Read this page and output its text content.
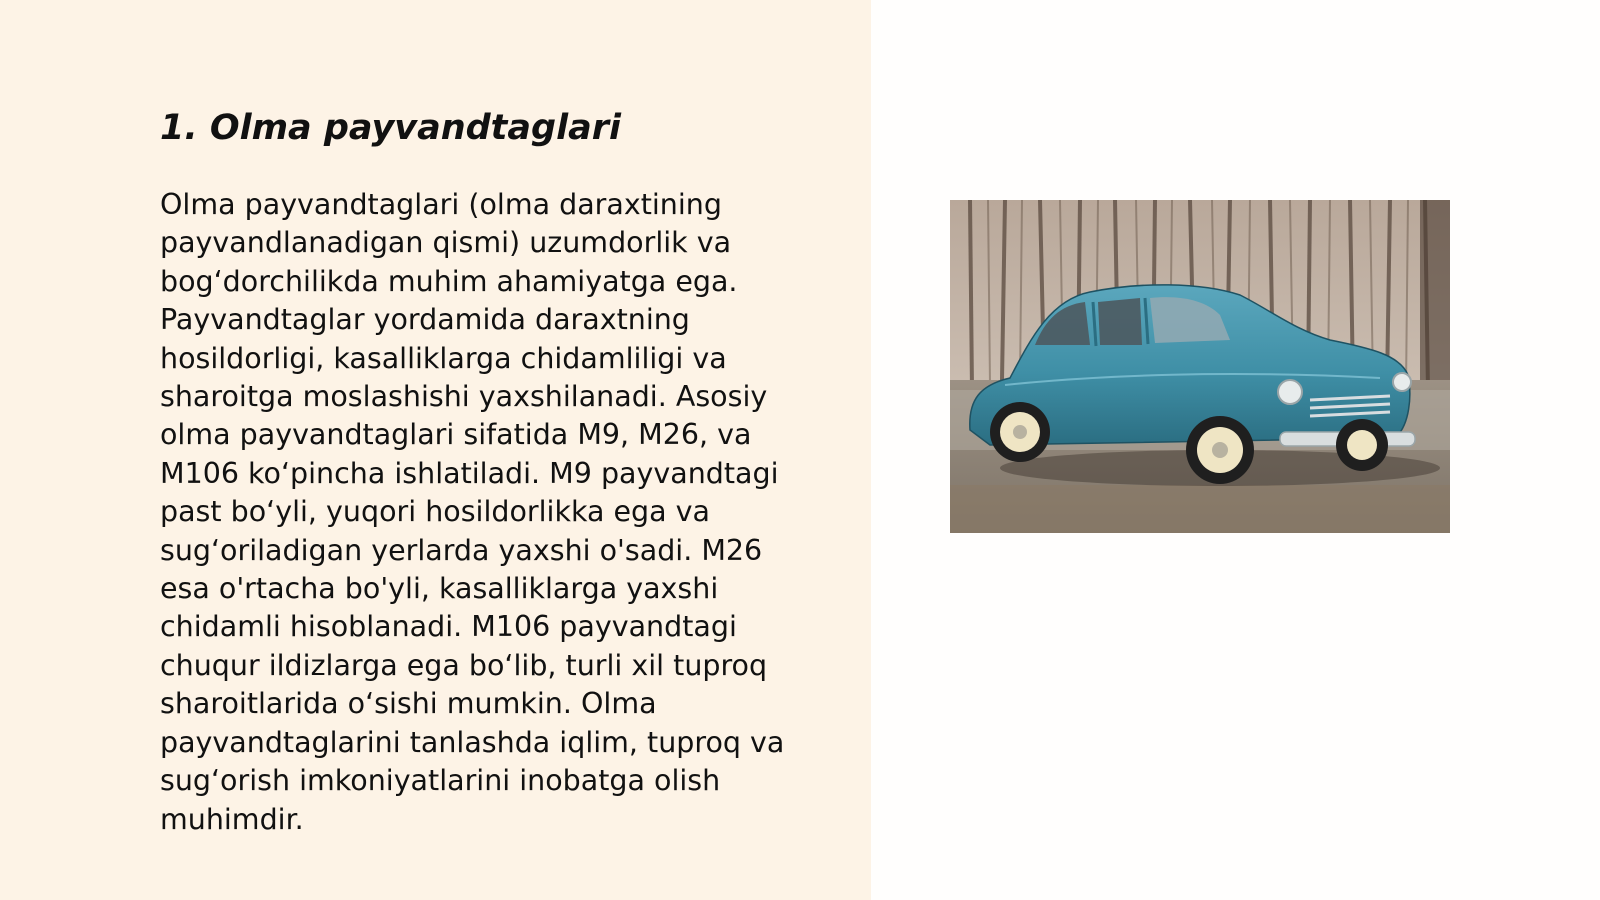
1. Olma payvandtaglari

Olma payvandtaglari (olma daraxtining payvandlanadigan qismi) uzumdorlik va bog‘dorchilikda muhim ahamiyatga ega. Payvandtaglar yordamida daraxtning hosildorligi, kasalliklarga chidamliligi va sharoitga moslashishi yaxshilanadi. Asosiy olma payvandtaglari sifatida M9, M26, va M106 ko‘pincha ishlatiladi. M9 payvandtagi past bo‘yli, yuqori hosildorlikka ega va sug‘oriladigan yerlarda yaxshi o'sadi. M26 esa o'rtacha bo'yli, kasalliklarga yaxshi chidamli hisoblanadi. M106 payvandtagi chuqur ildizlarga ega bo‘lib, turli xil tuproq sharoitlarida o‘sishi mumkin. Olma payvandtaglarini tanlashda iqlim, tuproq va sug‘orish imkoniyatlarini inobatga olish muhimdir.
